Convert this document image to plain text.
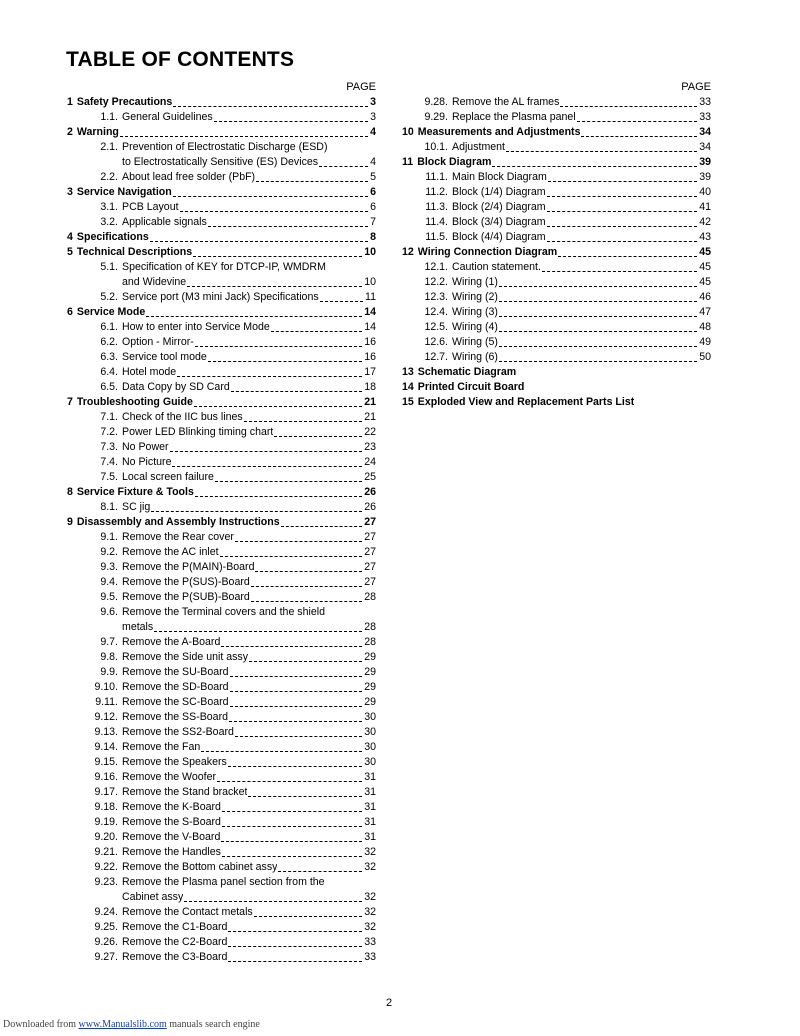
TABLE OF CONTENTS
PAGE
1 Safety Precautions	3
1.1. General Guidelines	3
2 Warning	4
2.1. Prevention of Electrostatic Discharge (ESD)
to Electrostatically Sensitive (ES) Devices	4
2.2. About lead free solder (PbF)	5
3 Service Navigation	6
3.1. PCB Layout	6
3.2. Applicable signals	7
4 Specifications	8
5 Technical Descriptions	10
5.1. Specification of KEY for DTCP-IP, WMDRM
and Widevine	10
5.2. Service port (M3 mini Jack) Specifications	11
6 Service Mode	14
6.1. How to enter into Service Mode	14
6.2. Option - Mirror-	16
6.3. Service tool mode	16
6.4. Hotel mode	17
6.5. Data Copy by SD Card	18
7 Troubleshooting Guide	21
7.1. Check of the IIC bus lines	21
7.2. Power LED Blinking timing chart	22
7.3. No Power	23
7.4. No Picture	24
7.5. Local screen failure	25
8 Service Fixture & Tools	26
8.1. SC jig	26
9 Disassembly and Assembly Instructions	27
9.1. Remove the Rear cover	27
9.2. Remove the AC inlet	27
9.3. Remove the P(MAIN)-Board	27
9.4. Remove the P(SUS)-Board	27
9.5. Remove the P(SUB)-Board	28
9.6. Remove the Terminal covers and the shield
metals	28
9.7. Remove the A-Board	28
9.8. Remove the Side unit assy	29
9.9. Remove the SU-Board	29
9.10. Remove the SD-Board	29
9.11. Remove the SC-Board	29
9.12. Remove the SS-Board	30
9.13. Remove the SS2-Board	30
9.14. Remove the Fan	30
9.15. Remove the Speakers	30
9.16. Remove the Woofer	31
9.17. Remove the Stand bracket	31
9.18. Remove the K-Board	31
9.19. Remove the S-Board	31
9.20. Remove the V-Board	31
9.21. Remove the Handles	32
9.22. Remove the Bottom cabinet assy	32
9.23. Remove the Plasma panel section from the
Cabinet assy	32
9.24. Remove the Contact metals	32
9.25. Remove the C1-Board	32
9.26. Remove the C2-Board	33
9.27. Remove the C3-Board	33
PAGE
9.28. Remove the AL frames	33
9.29. Replace the Plasma panel	33
10 Measurements and Adjustments	34
10.1. Adjustment	34
11 Block Diagram	39
11.1. Main Block Diagram	39
11.2. Block (1/4) Diagram	40
11.3. Block (2/4) Diagram	41
11.4. Block (3/4) Diagram	42
11.5. Block (4/4) Diagram	43
12 Wiring Connection Diagram	45
12.1. Caution statement.	45
12.2. Wiring (1)	45
12.3. Wiring (2)	46
12.4. Wiring (3)	47
12.5. Wiring (4)	48
12.6. Wiring (5)	49
12.7. Wiring (6)	50
13 Schematic Diagram
14 Printed Circuit Board
15 Exploded View and Replacement Parts List
2
Downloaded from www.Manualslib.com manuals search engine
